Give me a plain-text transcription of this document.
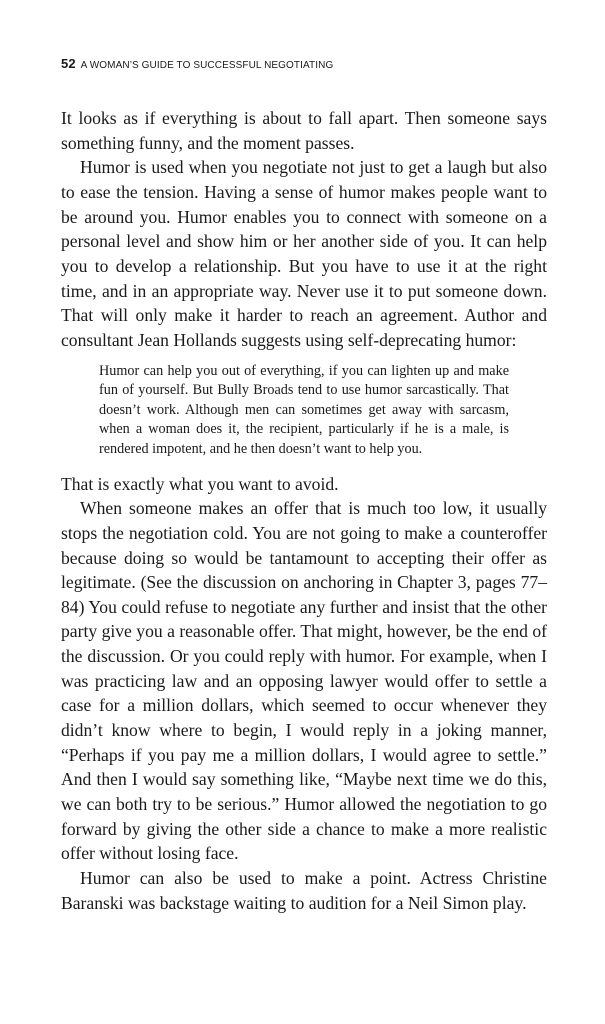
52 A WOMAN’S GUIDE TO SUCCESSFUL NEGOTIATING

It looks as if everything is about to fall apart. Then someone says something funny, and the moment passes.

Humor is used when you negotiate not just to get a laugh but also to ease the tension. Having a sense of humor makes people want to be around you. Humor enables you to connect with someone on a personal level and show him or her another side of you. It can help you to develop a relationship. But you have to use it at the right time, and in an appropriate way. Never use it to put someone down. That will only make it harder to reach an agreement. Author and consultant Jean Hollands suggests using self-deprecating humor:

Humor can help you out of everything, if you can lighten up and make fun of yourself. But Bully Broads tend to use humor sarcastically. That doesn’t work. Although men can sometimes get away with sarcasm, when a woman does it, the recipient, particularly if he is a male, is rendered impotent, and he then doesn’t want to help you.

That is exactly what you want to avoid.

When someone makes an offer that is much too low, it usually stops the negotiation cold. You are not going to make a counteroffer because doing so would be tantamount to accepting their offer as legitimate. (See the discussion on anchoring in Chapter 3, pages 77–84) You could refuse to negotiate any further and insist that the other party give you a reasonable offer. That might, however, be the end of the discussion. Or you could reply with humor. For example, when I was practicing law and an opposing lawyer would offer to settle a case for a million dollars, which seemed to occur whenever they didn’t know where to begin, I would reply in a joking manner, “Perhaps if you pay me a million dollars, I would agree to settle.” And then I would say something like, “Maybe next time we do this, we can both try to be serious.” Humor allowed the negotiation to go forward by giving the other side a chance to make a more realistic offer without losing face.

Humor can also be used to make a point. Actress Christine Baranski was backstage waiting to audition for a Neil Simon play.
